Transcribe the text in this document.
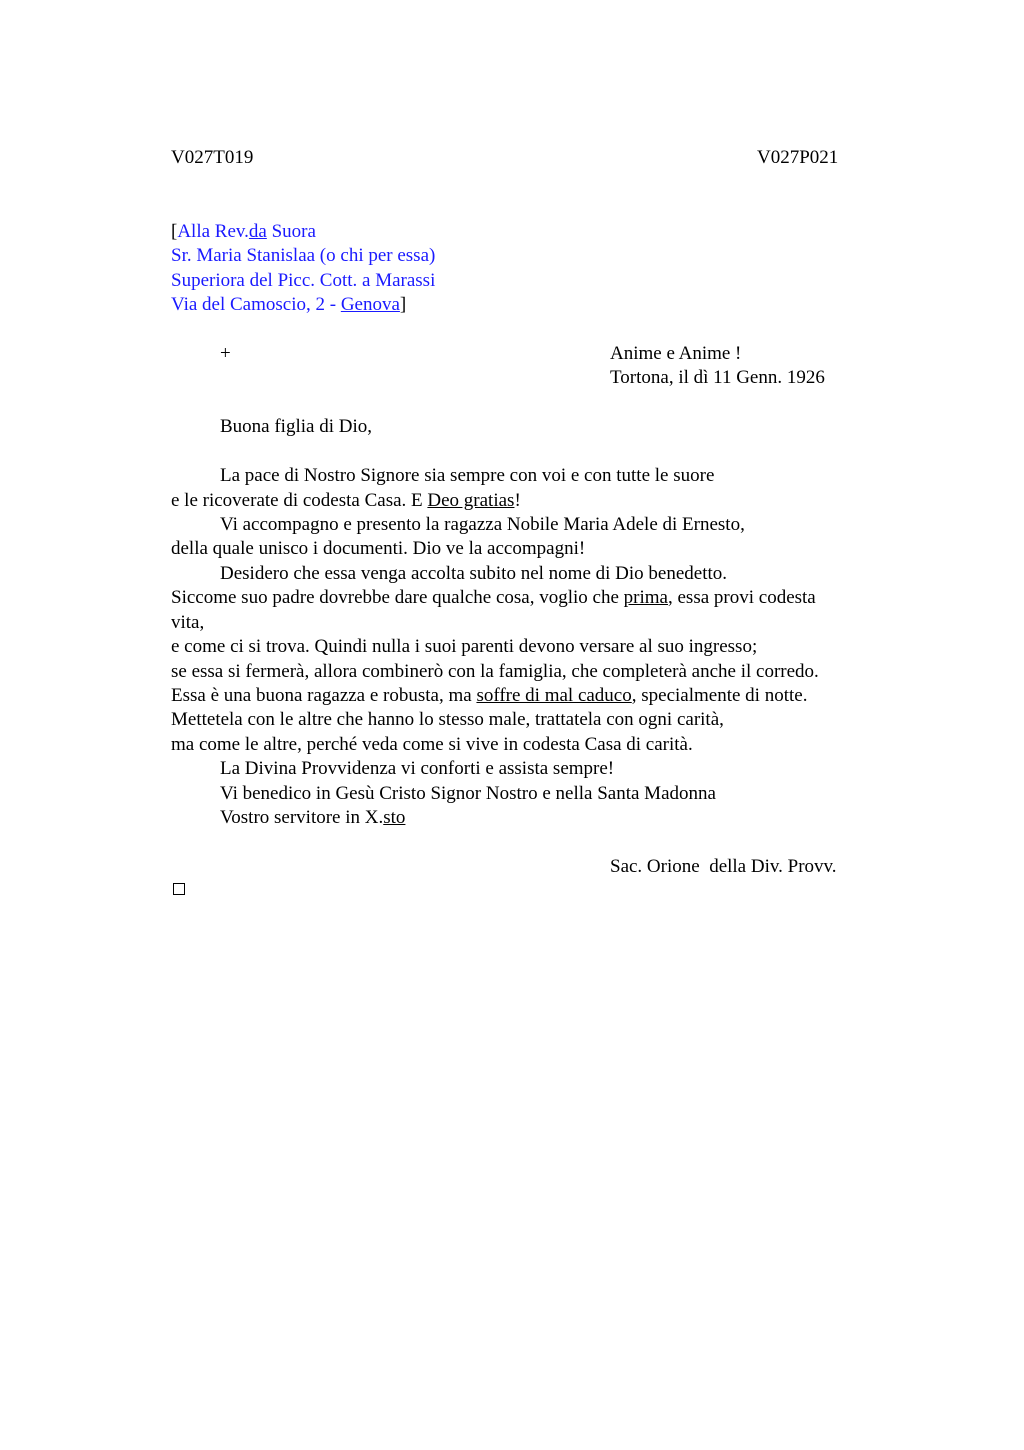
V027T019	V027P021
[Alla Rev.da Suora
Sr. Maria Stanislaa (o chi per essa)
Superiora del Picc. Cott. a Marassi
Via del Camoscio, 2 - Genova]
+	Anime e Anime !
Tortona, il dì 11 Genn. 1926
Buona figlia di Dio,
La pace di Nostro Signore sia sempre con voi e con tutte le suore
e le ricoverate di codesta Casa. E Deo gratias!
Vi accompagno e presento la ragazza Nobile Maria Adele di Ernesto,
della quale unisco i documenti. Dio ve la accompagni!
Desidero che essa venga accolta subito nel nome di Dio benedetto.
Siccome suo padre dovrebbe dare qualche cosa, voglio che prima, essa provi codesta
vita,
e come ci si trova. Quindi nulla i suoi parenti devono versare al suo ingresso;
se essa si fermerà, allora combinerò con la famiglia, che completerà anche il corredo.
Essa è una buona ragazza e robusta, ma soffre di mal caduco, specialmente di notte.
Mettetela con le altre che hanno lo stesso male, trattatela con ogni carità,
ma come le altre, perché veda come si vive in codesta Casa di carità.
La Divina Provvidenza vi conforti e assista sempre!
Vi benedico in Gesù Cristo Signor Nostro e nella Santa Madonna
Vostro servitore in X.sto
Sac. Orione  della Div. Provv.
